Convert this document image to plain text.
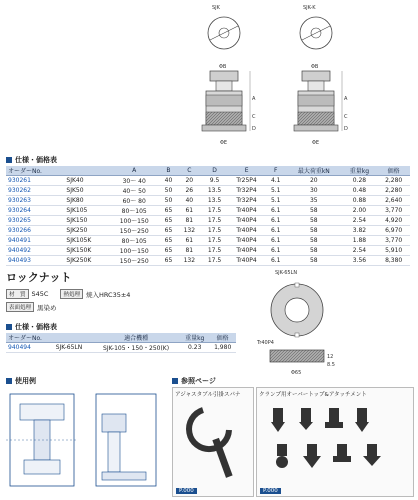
SJK
ΦB
A
C
D
ΦE
SJK-K
ΦB
A
C
D
ΦE
仕様・価格表
オーダーNo.		A	B	C	D	E	F	最大荷重kN	重量kg	価格
930261	SJK40	30〜 40	40	20	9.5	Tr25P4	4.1	20	0.28	2,280
930262	SJK50	40〜 50	50	26	13.5	Tr32P4	5.1	30	0.48	2,280
930263	SJK80	60〜 80	50	40	13.5	Tr32P4	5.1	35	0.88	2,640
930264	SJK105	80〜105	65	61	17.5	Tr40P4	6.1	58	2.00	3,770
930265	SJK150	100〜150	65	81	17.5	Tr40P4	6.1	58	2.54	4,920
930266	SJK250	150〜250	65	132	17.5	Tr40P4	6.1	58	3.82	6,970
940491	SJK105K	80〜105	65	61	17.5	Tr40P4	6.1	58	1.88	3,770
940492	SJK150K	100〜150	65	81	17.5	Tr40P4	6.1	58	2.54	5,910
940493	SJK250K	150〜250	65	132	17.5	Tr40P4	6.1	58	3.56	8,380
ロックナット
材　質 S45C	熱処理 焼入HRC35±4
表面処理 黒染め
仕様・価格表
オーダーNo.		適合機種	重量kg	価格
940494	SJK-65LN	SJK-105・150・250(K)	0.23	1,980
SJK-65LN
Tr40P4
12
8.5
Φ65
使用例	参照ページ
アジャスタブル引掛スパナ
P.000
クランプ用オーバートップ&アタッチメント
P.000
